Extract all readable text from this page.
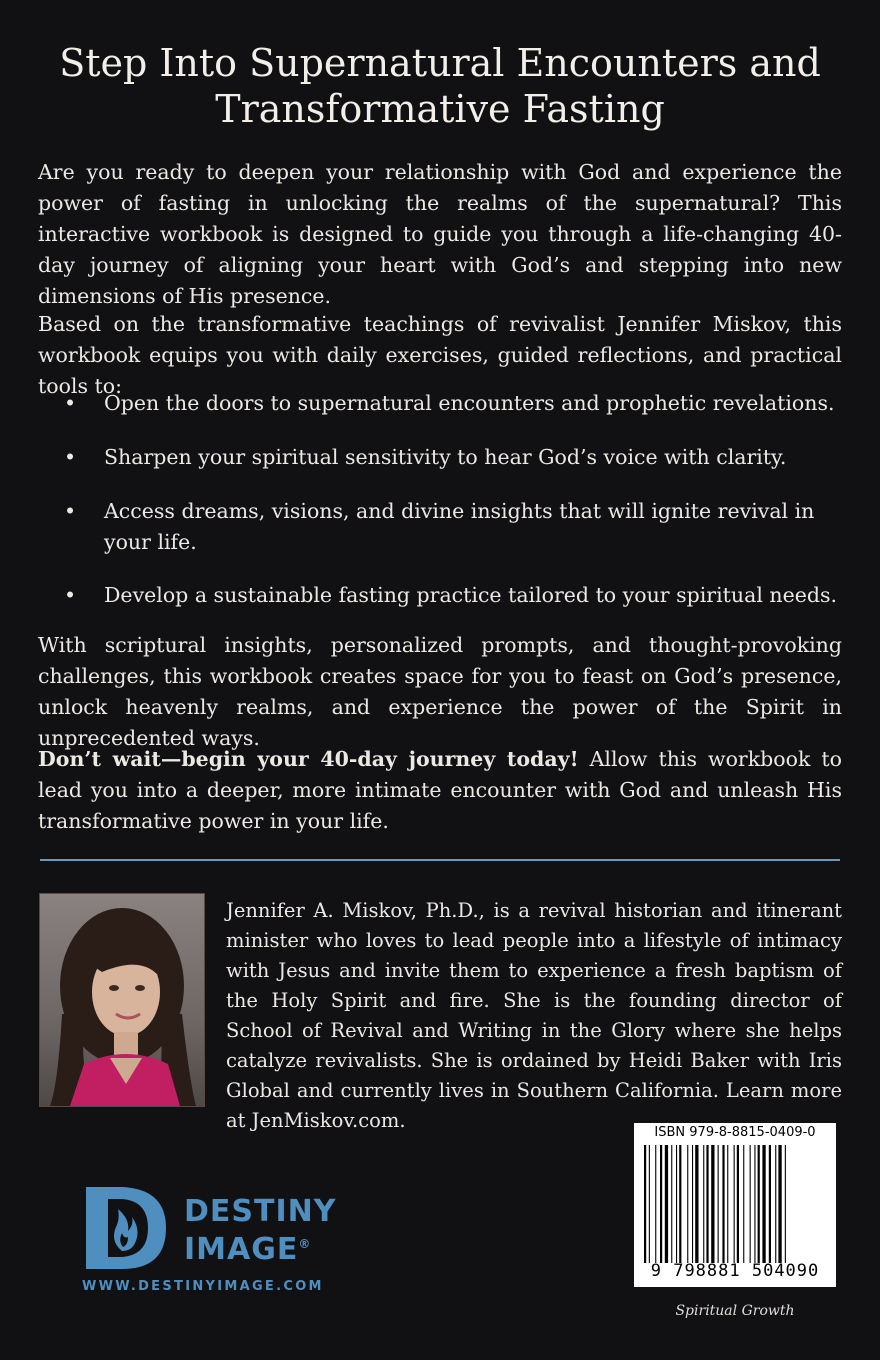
Step Into Supernatural Encounters and
Transformative Fasting

Are you ready to deepen your relationship with God and experience the power of fasting in unlocking the realms of the supernatural? This interactive workbook is designed to guide you through a life-changing 40-day journey of aligning your heart with God’s and stepping into new dimensions of His presence.

Based on the transformative teachings of revivalist Jennifer Miskov, this workbook equips you with daily exercises, guided reflections, and practical tools to:

• Open the doors to supernatural encounters and prophetic revelations.
• Sharpen your spiritual sensitivity to hear God’s voice with clarity.
• Access dreams, visions, and divine insights that will ignite revival in your life.
• Develop a sustainable fasting practice tailored to your spiritual needs.

With scriptural insights, personalized prompts, and thought-provoking challenges, this workbook creates space for you to feast on God’s presence, unlock heavenly realms, and experience the power of the Spirit in unprecedented ways.

Don’t wait—begin your 40-day journey today! Allow this workbook to lead you into a deeper, more intimate encounter with God and unleash His transformative power in your life.

Jennifer A. Miskov, Ph.D., is a revival historian and itinerant minister who loves to lead people into a lifestyle of intimacy with Jesus and invite them to experience a fresh baptism of the Holy Spirit and fire. She is the founding director of School of Revival and Writing in the Glory where she helps catalyze revivalists. She is ordained by Heidi Baker with Iris Global and currently lives in Southern California. Learn more at JenMiskov.com.

DESTINY
IMAGE®
WWW.DESTINYIMAGE.COM
ISBN 979-8-8815-0409-0
9 798881 504090
Spiritual Growth
